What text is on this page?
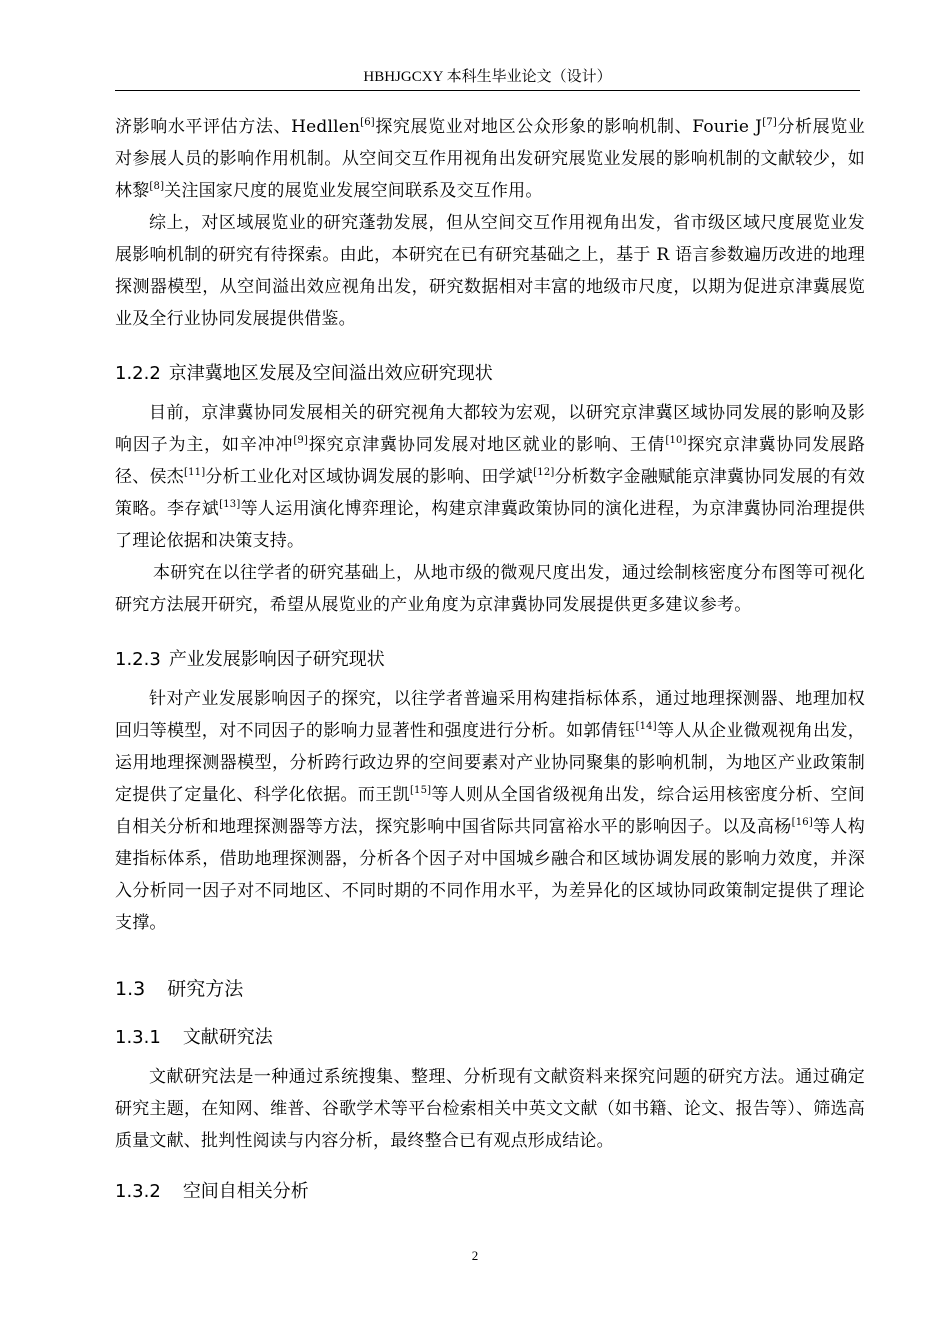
HBHJGCXY 本科生毕业论文（设计）

济影响水平评估方法、Hedllen[6]探究展览业对地区公众形象的影响机制、Fourie J[7]分析展览业对参展人员的影响作用机制。从空间交互作用视角出发研究展览业发展的影响机制的文献较少，如林黎[8]关注国家尺度的展览业发展空间联系及交互作用。

综上，对区域展览业的研究蓬勃发展，但从空间交互作用视角出发，省市级区域尺度展览业发展影响机制的研究有待探索。由此，本研究在已有研究基础之上，基于 R 语言参数遍历改进的地理探测器模型，从空间溢出效应视角出发，研究数据相对丰富的地级市尺度，以期为促进京津冀展览业及全行业协同发展提供借鉴。

1.2.2 京津冀地区发展及空间溢出效应研究现状

目前，京津冀协同发展相关的研究视角大都较为宏观，以研究京津冀区域协同发展的影响及影响因子为主，如辛冲冲[9]探究京津冀协同发展对地区就业的影响、王倩[10]探究京津冀协同发展路径、侯杰[11]分析工业化对区域协调发展的影响、田学斌[12]分析数字金融赋能京津冀协同发展的有效策略。李存斌[13]等人运用演化博弈理论，构建京津冀政策协同的演化进程，为京津冀协同治理提供了理论依据和决策支持。

本研究在以往学者的研究基础上，从地市级的微观尺度出发，通过绘制核密度分布图等可视化研究方法展开研究，希望从展览业的产业角度为京津冀协同发展提供更多建议参考。

1.2.3 产业发展影响因子研究现状

针对产业发展影响因子的探究，以往学者普遍采用构建指标体系，通过地理探测器、地理加权回归等模型，对不同因子的影响力显著性和强度进行分析。如郭倩钰[14]等人从企业微观视角出发，运用地理探测器模型，分析跨行政边界的空间要素对产业协同聚集的影响机制，为地区产业政策制定提供了定量化、科学化依据。而王凯[15]等人则从全国省级视角出发，综合运用核密度分析、空间自相关分析和地理探测器等方法，探究影响中国省际共同富裕水平的影响因子。以及高杨[16]等人构建指标体系，借助地理探测器，分析各个因子对中国城乡融合和区域协调发展的影响力效度，并深入分析同一因子对不同地区、不同时期的不同作用水平，为差异化的区域协同政策制定提供了理论支撑。

1.3 研究方法
1.3.1 文献研究法

文献研究法是一种通过系统搜集、整理、分析现有文献资料来探究问题的研究方法。通过确定研究主题，在知网、维普、谷歌学术等平台检索相关中英文文献（如书籍、论文、报告等）、筛选高质量文献、批判性阅读与内容分析，最终整合已有观点形成结论。

1.3.2 空间自相关分析
2
